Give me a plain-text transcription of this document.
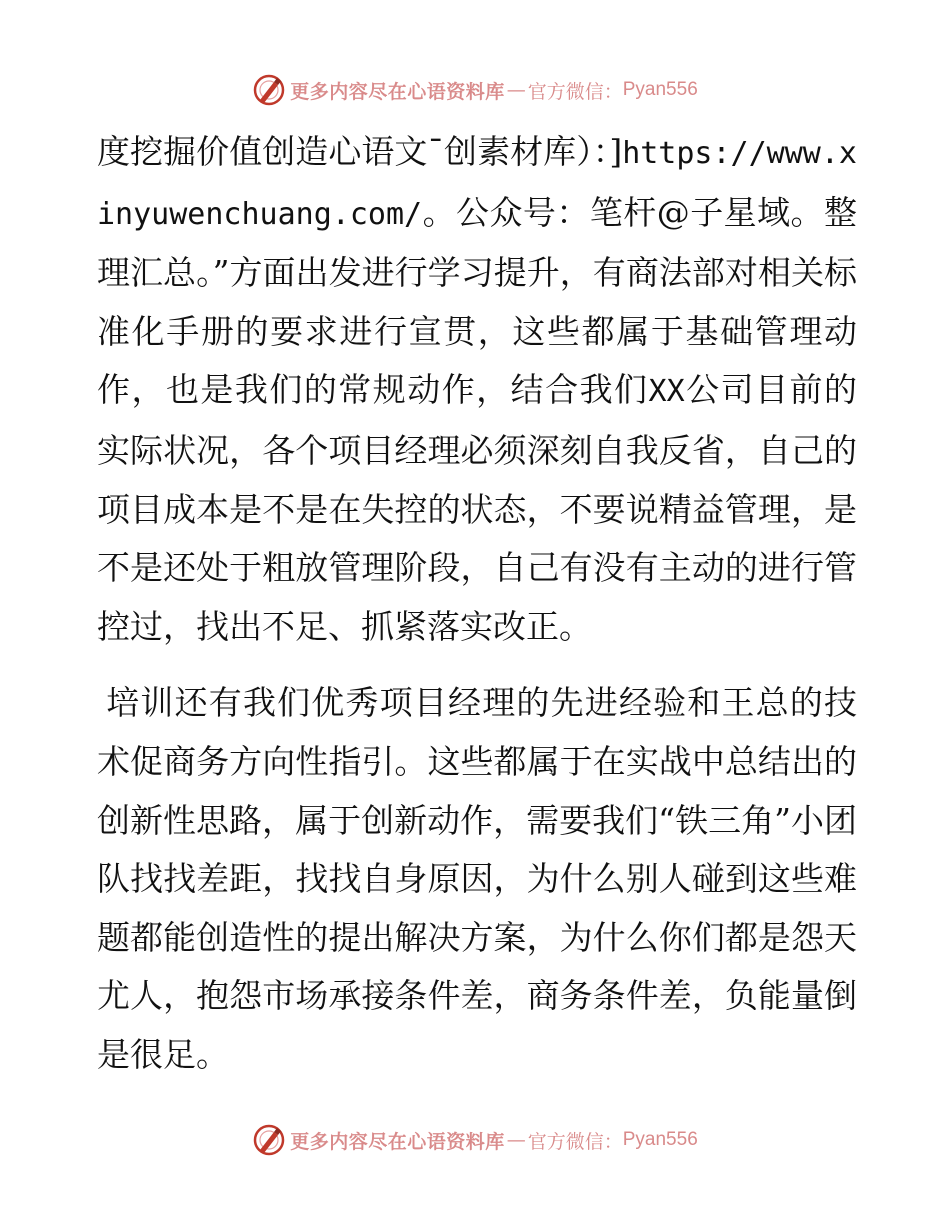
更多内容尽在心语资料库 — 官方微信： Pyan556

度挖掘价值创造心语文¯创素材库）：]https://www.xinyuwenchuang.com/。公众号：笔杆@子星域。整理汇总。”方面出发进行学习提升，有商法部对相关标准化手册的要求进行宣贯，这些都属于基础管理动作，也是我们的常规动作，结合我们XX公司目前的实际状况，各个项目经理必须深刻自我反省，自己的项目成本是不是在失控的状态，不要说精益管理，是不是还处于粗放管理阶段，自己有没有主动的进行管控过，找出不足、抓紧落实改正。

培训还有我们优秀项目经理的先进经验和王总的技术促商务方向性指引。这些都属于在实战中总结出的创新性思路，属于创新动作，需要我们“铁三角”小团队找找差距，找找自身原因，为什么别人碰到这些难题都能创造性的提出解决方案，为什么你们都是怨天尤人，抱怨市场承接条件差，商务条件差，负能量倒是很足。

更多内容尽在心语资料库 — 官方微信： Pyan556
